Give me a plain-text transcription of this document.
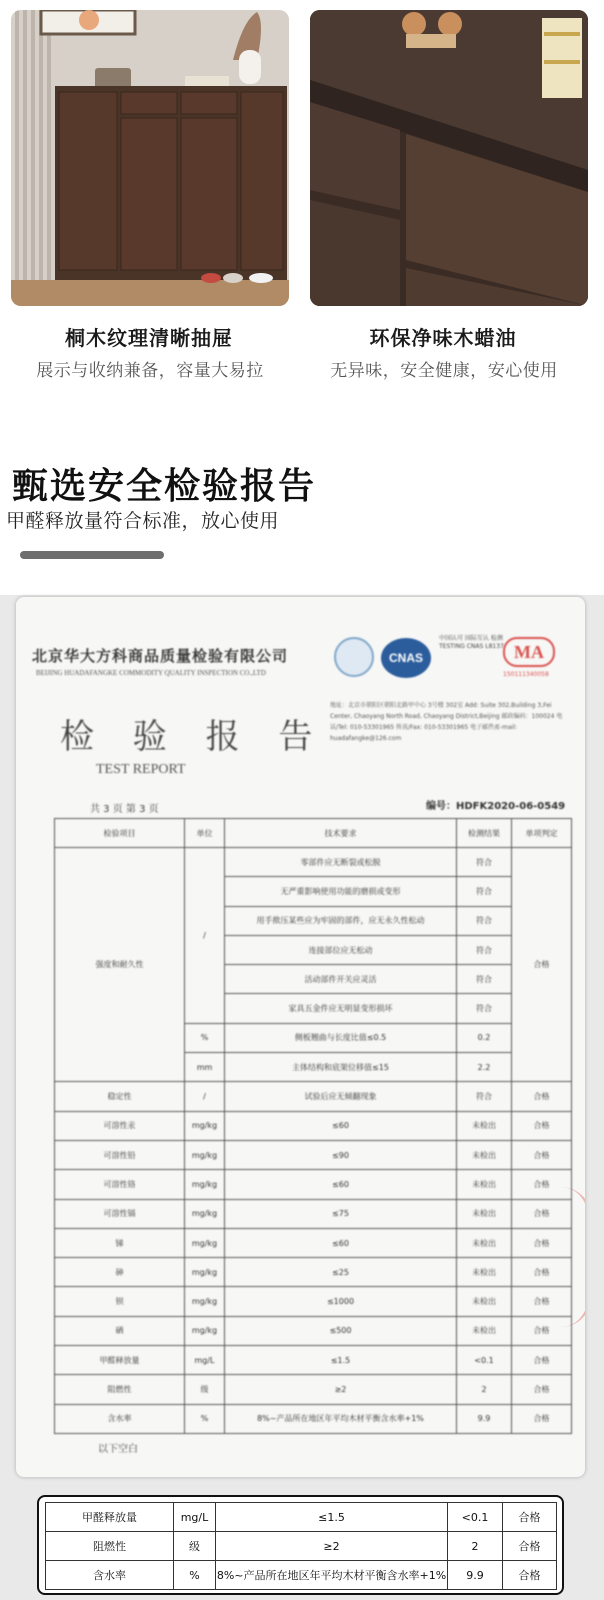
桐木纹理清晰抽屉
展示与收纳兼备，容量大易拉
环保净味木蜡油
无异味，安全健康，安心使用
甄选安全检验报告
甲醛释放量符合标准，放心使用
北京华大方科商品质量检验有限公司
BEIJING HUADAFANGKE COMMODITY QUALITY INSPECTION CO.,LTD
CNAS
中国认可 国际互认 检测 TESTING CNAS L8137 MA
150111340058
检 验 报 告
TEST REPORT
地址：北京市朝阳区朝阳北路甲中心 3号楼 302室 Add: Suite 302,Building 3,Fei Center, Chaoyang North Road, Chaoyang District,Beijing 邮政编码：100024 电话/Tel: 010-53301965 传真/Fax: 010-53301965 电子邮件/E-mail: huadafangke@126.com
共 3 页 第 3 页	编号：HDFK2020-06-0549
检验项目	单位	技术要求	检测结果	单项判定
强度和耐久性	/	零部件应无断裂或松脱	符合	合格
		无严重影响使用功能的磨损或变形	符合	
		用手揿压某些应为牢固的部件，应无永久性松动	符合	
		连接部位应无松动	符合	
		活动部件开关应灵活	符合	
		家具五金件应无明显变形损坏	符合	
	%	侧板翘曲与长度比值≤0.5	0.2	
	mm	主体结构和底架位移值≤15	2.2	
稳定性	/	试验后应无倾翻现象	符合	合格
可溶性汞	mg/kg	≤60	未检出	合格
可溶性铅	mg/kg	≤90	未检出	合格
可溶性铬	mg/kg	≤60	未检出	合格
可溶性镉	mg/kg	≤75	未检出	合格
锑	mg/kg	≤60	未检出	合格
砷	mg/kg	≤25	未检出	合格
钡	mg/kg	≤1000	未检出	合格
硒	mg/kg	≤500	未检出	合格
甲醛释放量	mg/L	≤1.5	<0.1	合格
阻燃性	级	≥2	2	合格
含水率	%	8%~产品所在地区年平均木材平衡含水率+1%	9.9	合格
以下空白
甲醛释放量	mg/L	≤1.5	<0.1	合格
阻燃性	级	≥2	2	合格
含水率	%	8%~产品所在地区年平均木材平衡含水率+1%	9.9	合格
